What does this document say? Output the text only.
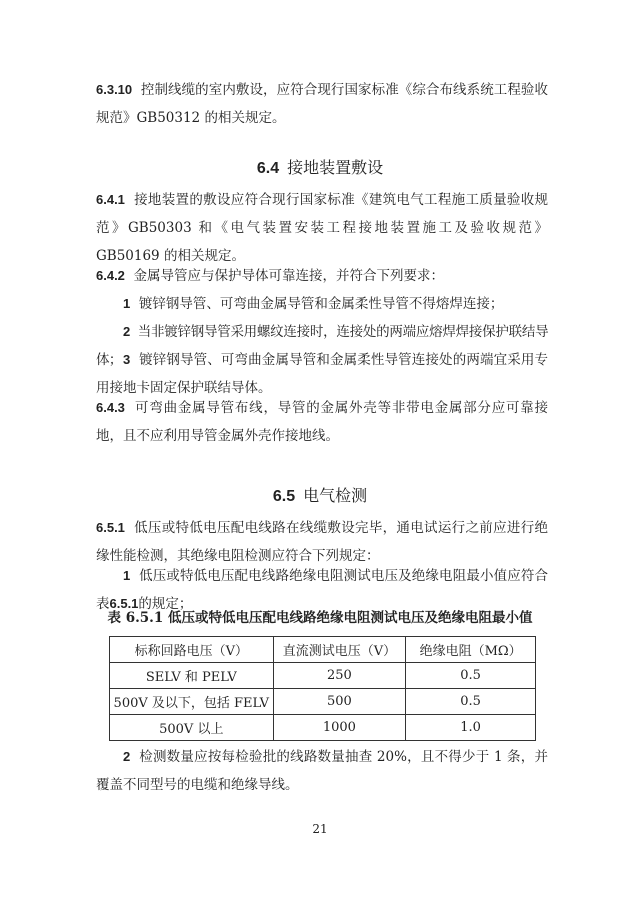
6.3.10 控制线缆的室内敷设，应符合现行国家标准《综合布线系统工程验收规范》GB50312 的相关规定。
6.4 接地装置敷设
6.4.1 接地装置的敷设应符合现行国家标准《建筑电气工程施工质量验收规范》GB50303 和《电气装置安装工程接地装置施工及验收规范》GB50169 的相关规定。
6.4.2 金属导管应与保护导体可靠连接，并符合下列要求：
1 镀锌钢导管、可弯曲金属导管和金属柔性导管不得熔焊连接；
2 当非镀锌钢导管采用螺纹连接时，连接处的两端应熔焊焊接保护联结导体； 3 镀锌钢导管、可弯曲金属导管和金属柔性导管连接处的两端宜采用专用接地卡固定保护联结导体。
6.4.3 可弯曲金属导管布线，导管的金属外壳等非带电金属部分应可靠接地，且不应利用导管金属外壳作接地线。
6.5 电气检测
6.5.1 低压或特低电压配电线路在线缆敷设完毕，通电试运行之前应进行绝缘性能检测，其绝缘电阻检测应符合下列规定：
1 低压或特低电压配电线路绝缘电阻测试电压及绝缘电阻最小值应符合表6.5.1的规定；
表 6.5.1 低压或特低电压配电线路绝缘电阻测试电压及绝缘电阻最小值
标称回路电压（V）	直流测试电压（V）	绝缘电阻（MΩ）
SELV 和 PELV	250	0.5
500V 及以下，包括 FELV	500	0.5
500V 以上	1000	1.0
2 检测数量应按每检验批的线路数量抽查 20%，且不得少于 1 条，并覆盖不同型号的电缆和绝缘导线。
21
